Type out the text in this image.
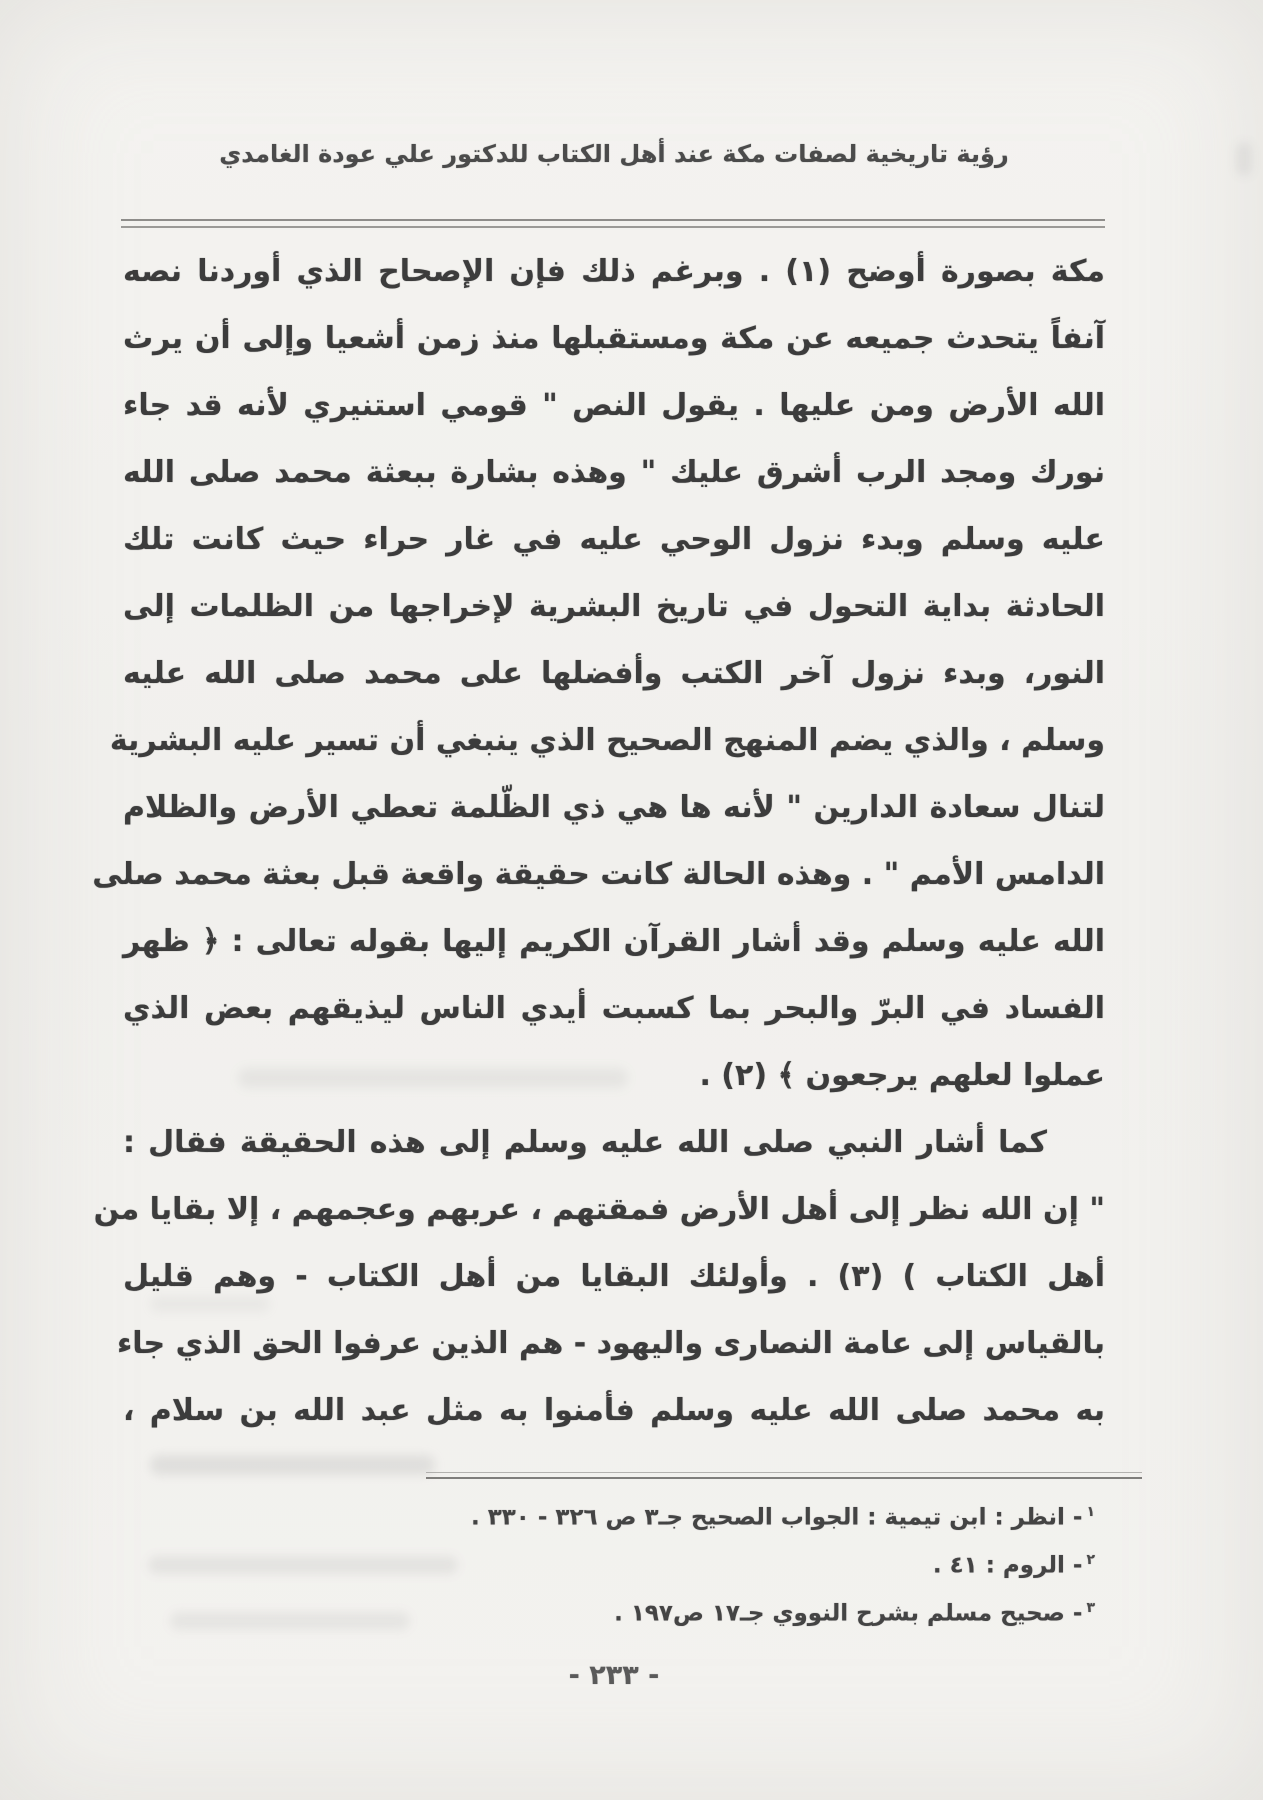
رؤية تاريخية لصفات مكة عند أهل الكتاب للدكتور علي عودة الغامدي
مكة بصورة أوضح (١) . وبرغم ذلك فإن الإصحاح الذي أوردنا نصه
آنفاً يتحدث جميعه عن مكة ومستقبلها منذ زمن أشعيا وإلى أن يرث
الله الأرض ومن عليها . يقول النص " قومي استنيري لأنه قد جاء
نورك ومجد الرب أشرق عليك " وهذه بشارة ببعثة محمد صلى الله
عليه وسلم وبدء نزول الوحي عليه في غار حراء حيث كانت تلك
الحادثة بداية التحول في تاريخ البشرية لإخراجها من الظلمات إلى
النور، وبدء نزول آخر الكتب وأفضلها على محمد صلى الله عليه
وسلم ، والذي يضم المنهج الصحيح الذي ينبغي أن تسير عليه البشرية
لتنال سعادة الدارين " لأنه ها هي ذي الظّلمة تعطي الأرض والظلام
الدامس الأمم " . وهذه الحالة كانت حقيقة واقعة قبل بعثة محمد صلى
الله عليه وسلم وقد أشار القرآن الكريم إليها بقوله تعالى : ﴿ ظهر
الفساد في البرّ والبحر بما كسبت أيدي الناس ليذيقهم بعض الذي
عملوا لعلهم يرجعون ﴾ (٢) .
كما أشار النبي صلى الله عليه وسلم إلى هذه الحقيقة فقال :
" إن الله نظر إلى أهل الأرض فمقتهم ، عربهم وعجمهم ، إلا بقايا من
أهل الكتاب ) (٣) . وأولئك البقايا من أهل الكتاب - وهم قليل
بالقياس إلى عامة النصارى واليهود - هم الذين عرفوا الحق الذي جاء
به محمد صلى الله عليه وسلم فأمنوا به مثل عبد الله بن سلام ،
$^١$- انظر : ابن تيمية : الجواب الصحيح جـ٣ ص ٣٢٦ - ٣٣٠ .
$^٢$- الروم : ٤١ .
$^٣$- صحيح مسلم بشرح النووي جـ١٧ ص١٩٧ .
- ٢٣٣ -
